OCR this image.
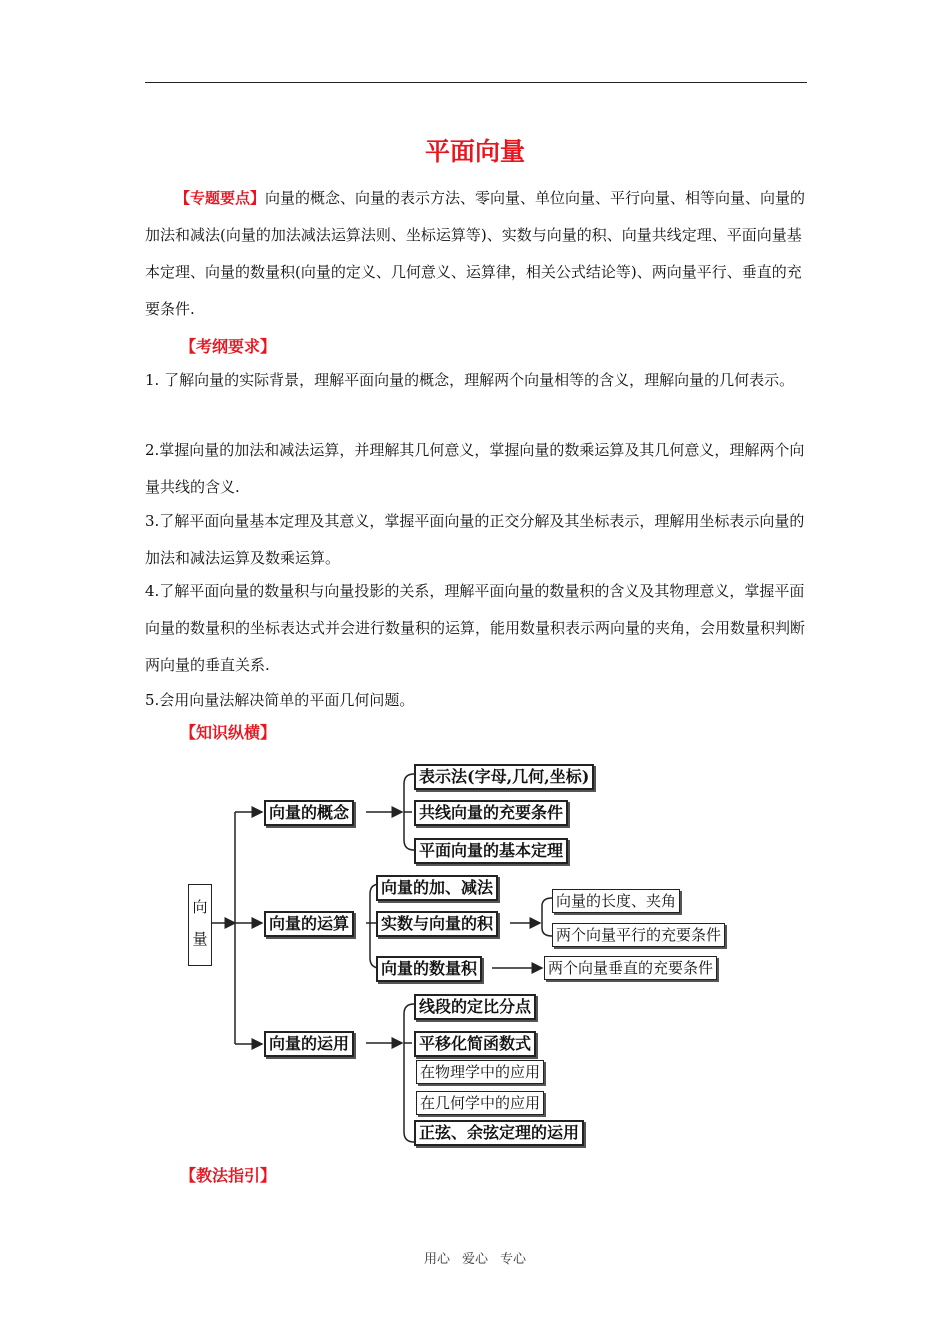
平面向量

【专题要点】向量的概念、向量的表示方法、零向量、单位向量、平行向量、相等向量、向量的加法和减法(向量的加法减法运算法则、坐标运算等)、实数与向量的积、向量共线定理、平面向量基本定理、向量的数量积(向量的定义、几何意义、运算律，相关公式结论等)、两向量平行、垂直的充要条件.

【考纲要求】

1. 了解向量的实际背景，理解平面向量的概念，理解两个向量相等的含义，理解向量的几何表示。

2.掌握向量的加法和减法运算，并理解其几何意义，掌握向量的数乘运算及其几何意义，理解两个向量共线的含义.

3.了解平面向量基本定理及其意义，掌握平面向量的正交分解及其坐标表示，理解用坐标表示向量的加法和减法运算及数乘运算。

4.了解平面向量的数量积与向量投影的关系，理解平面向量的数量积的含义及其物理意义，掌握平面向量的数量积的坐标表达式并会进行数量积的运算，能用数量积表示两向量的夹角，会用数量积判断两向量的垂直关系.

5.会用向量法解决简单的平面几何问题。

【知识纵横】
向
量
向量的概念
表示法(字母,几何,坐标)
共线向量的充要条件
平面向量的基本定理
向量的运算
向量的加、减法
实数与向量的积
向量的数量积
向量的长度、夹角
两个向量平行的充要条件
两个向量垂直的充要条件
向量的运用
线段的定比分点
平移化简函数式
在物理学中的应用
在几何学中的应用
正弦、余弦定理的运用
【教法指引】
用心 爱心 专心
